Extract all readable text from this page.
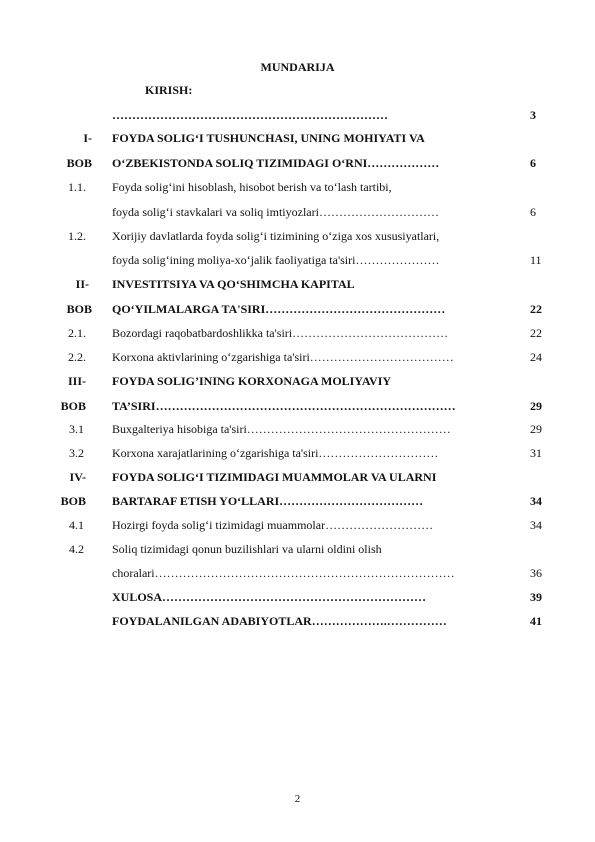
MUNDARIJA
KIRISH:
……………………………………………………………	3
I-
BOB
FOYDA SOLIG‘I TUSHUNCHASI, UNING MOHIYATI VA
O‘ZBEKISTONDA SOLIQ TIZIMIDAGI O‘RNI………………	6
1.1. Foyda solig‘ini hisoblash, hisobot berish va to‘lash tartibi,
foyda solig‘i stavkalari va soliq imtiyozlari…………………………	6
1.2. Xorijiy davlatlarda foyda solig‘i tizimining o‘ziga xos xususiyatlari,
foyda solig‘ining moliya-xo‘jalik faoliyatiga ta'siri…………………	11
II-
BOB
INVESTITSIYA VA QO‘SHIMCHA KAPITAL
QO‘YILMALARGA TA'SIRI………………………………………	22
2.1. Bozordagi raqobatbardoshlikka ta'siri…………………………………	22
2.2. Korxona aktivlarining o‘zgarishiga ta'siri………………………………	24
III-
BOB
FOYDA SOLIG’INING KORXONAGA MOLIYAVIY
TA’SIRI…………………………………………………………………	29
3.1 Buxgalteriya hisobiga ta'siri……………………………………………	29
3.2 Korxona xarajatlarining o‘zgarishiga ta'siri…………………………	31
IV-
BOB
FOYDA SOLIG‘I TIZIMIDAGI MUAMMOLAR VA ULARNI
BARTARAF ETISH YO‘LLARI………………………………	34
4.1 Hozirgi foyda solig‘i tizimidagi muammolar………………………	34
4.2 Soliq tizimidagi qonun buzilishlari va ularni oldini olish
choralari…………………………………………………………………	36
XULOSA…………………………………………………………	39
FOYDALANILGAN ADABIYOTLAR……………….……………	41
2
